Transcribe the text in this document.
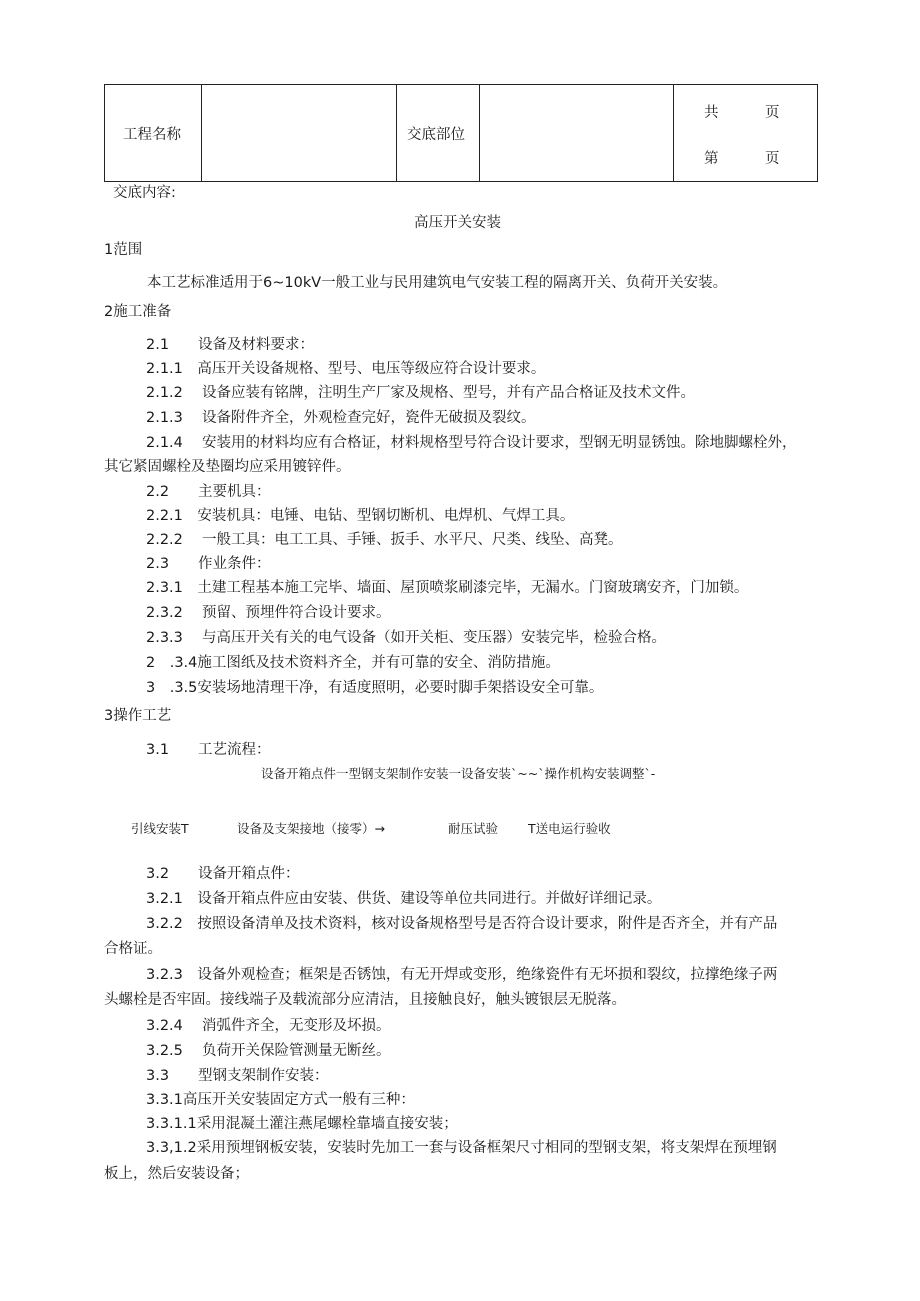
工程名称		交底部位		
共	页
第	页
交底内容:
高压开关安装
1范围
本工艺标准适用于6~10kV一般工业与民用建筑电气安装工程的隔离开关、负荷开关安装。
2施工准备
2.1　　设备及材料要求：
2.1.1　高压开关设备规格、型号、电压等级应符合设计要求。
2.1.2　 设备应装有铭牌，注明生产厂家及规格、型号，并有产品合格证及技术文件。
2.1.3　 设备附件齐全，外观检查完好，瓷件无破损及裂纹。
2.1.4　 安装用的材料均应有合格证，材料规格型号符合设计要求，型钢无明显锈蚀。除地脚螺栓外，
其它紧固螺栓及垫圈均应采用镀锌件。
2.2　　主要机具：
2.2.1　安装机具：电锤、电钻、型钢切断机、电焊机、气焊工具。
2.2.2　 一般工具：电工工具、手锤、扳手、水平尺、尺类、线坠、高凳。
2.3　　作业条件：
2.3.1　土建工程基本施工完毕、墙面、屋顶喷浆刷漆完毕，无漏水。门窗玻璃安齐，门加锁。
2.3.2　 预留、预埋件符合设计要求。
2.3.3　 与高压开关有关的电气设备（如开关柜、变压器）安装完毕，检验合格。
2　.3.4施工图纸及技术资料齐全，并有可靠的安全、消防措施。
3　.3.5安装场地清理干净，有适度照明，必要时脚手架搭设安全可靠。
3操作工艺
3.1　　工艺流程：
设备开箱点件一型钢支架制作安装一设备安装`~~`操作机构安装调整`-
引线安装T	设备及支架接地（接零）→	耐压试验 T送电运行验收
3.2　　设备开箱点件：
3.2.1　设备开箱点件应由安装、供货、建设等单位共同进行。并做好详细记录。
3.2.2　按照设备清单及技术资料，核对设备规格型号是否符合设计要求，附件是否齐全，并有产品
合格证。
3.2.3　设备外观检查；框架是否锈蚀，有无开焊或变形，绝缘瓷件有无坏损和裂纹，拉撑绝缘子两
头螺栓是否牢固。接线端子及载流部分应清洁，且接触良好，触头镀银层无脱落。
3.2.4　 消弧件齐全，无变形及坏损。
3.2.5　 负荷开关保险管测量无断丝。
3.3　　型钢支架制作安装：
3.3.1高压开关安装固定方式一般有三种：
3.3.1.1采用混凝土灌注燕尾螺栓靠墙直接安装；
3.3,1.2采用预埋钢板安装，安装时先加工一套与设备框架尺寸相同的型钢支架，将支架焊在预埋钢
板上，然后安装设备；
